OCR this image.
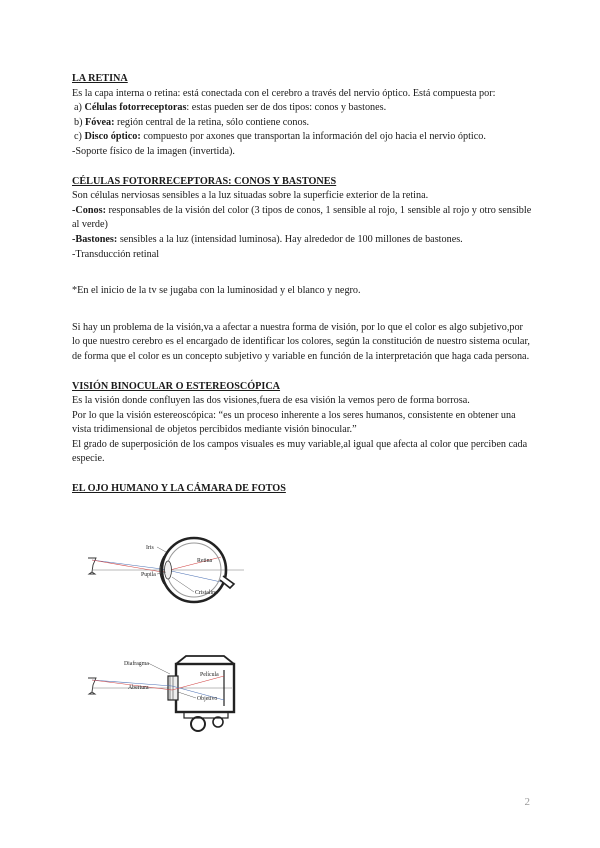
LA RETINA

Es la capa interna o retina: está conectada con el cerebro a través del nervio óptico. Está compuesta por:

a) Células fotorreceptoras: estas pueden ser de dos tipos: conos y bastones.

b) Fóvea: región central de la retina, sólo contiene conos.

c) Disco óptico: compuesto por axones que transportan la información del ojo hacia el nervio óptico.

-Soporte físico de la imagen (invertida).

CÉLULAS FOTORRECEPTORAS: CONOS Y BASTONES

Son células nerviosas sensibles a la luz situadas sobre la superficie exterior de la retina.

-Conos: responsables de la visión del color (3 tipos de conos, 1 sensible al rojo, 1 sensible al rojo y otro sensible al verde)

-Bastones: sensibles a la luz (intensidad luminosa). Hay alrededor de 100 millones de bastones.

-Transducción retinal

*En el inicio de la tv se jugaba con la luminosidad y el blanco y negro.

Si hay un problema de la visión,va a afectar a nuestra forma de visión, por lo que el color es algo subjetivo,por lo que nuestro cerebro es el encargado de identificar los colores, según la constitución de nuestro sistema ocular, de forma que el color es un concepto subjetivo y variable en función de la interpretación que haga cada persona.

VISIÓN BINOCULAR O ESTEREOSCÓPICA

Es la visión donde confluyen las dos visiones,fuera de esa visión la vemos pero de forma borrosa.

Por lo que la visión estereoscópica: “es un proceso inherente a los seres humanos, consistente en obtener una vista tridimensional de objetos percibidos mediante visión binocular.”

El grado de superposición de los campos visuales es muy variable,al igual que afecta al color que perciben cada especie.

EL OJO HUMANO Y LA CÁMARA DE FOTOS

Iris
Retina
Pupila
Cristalino
Diafragma
Película
Abertura
Objetivo
2
